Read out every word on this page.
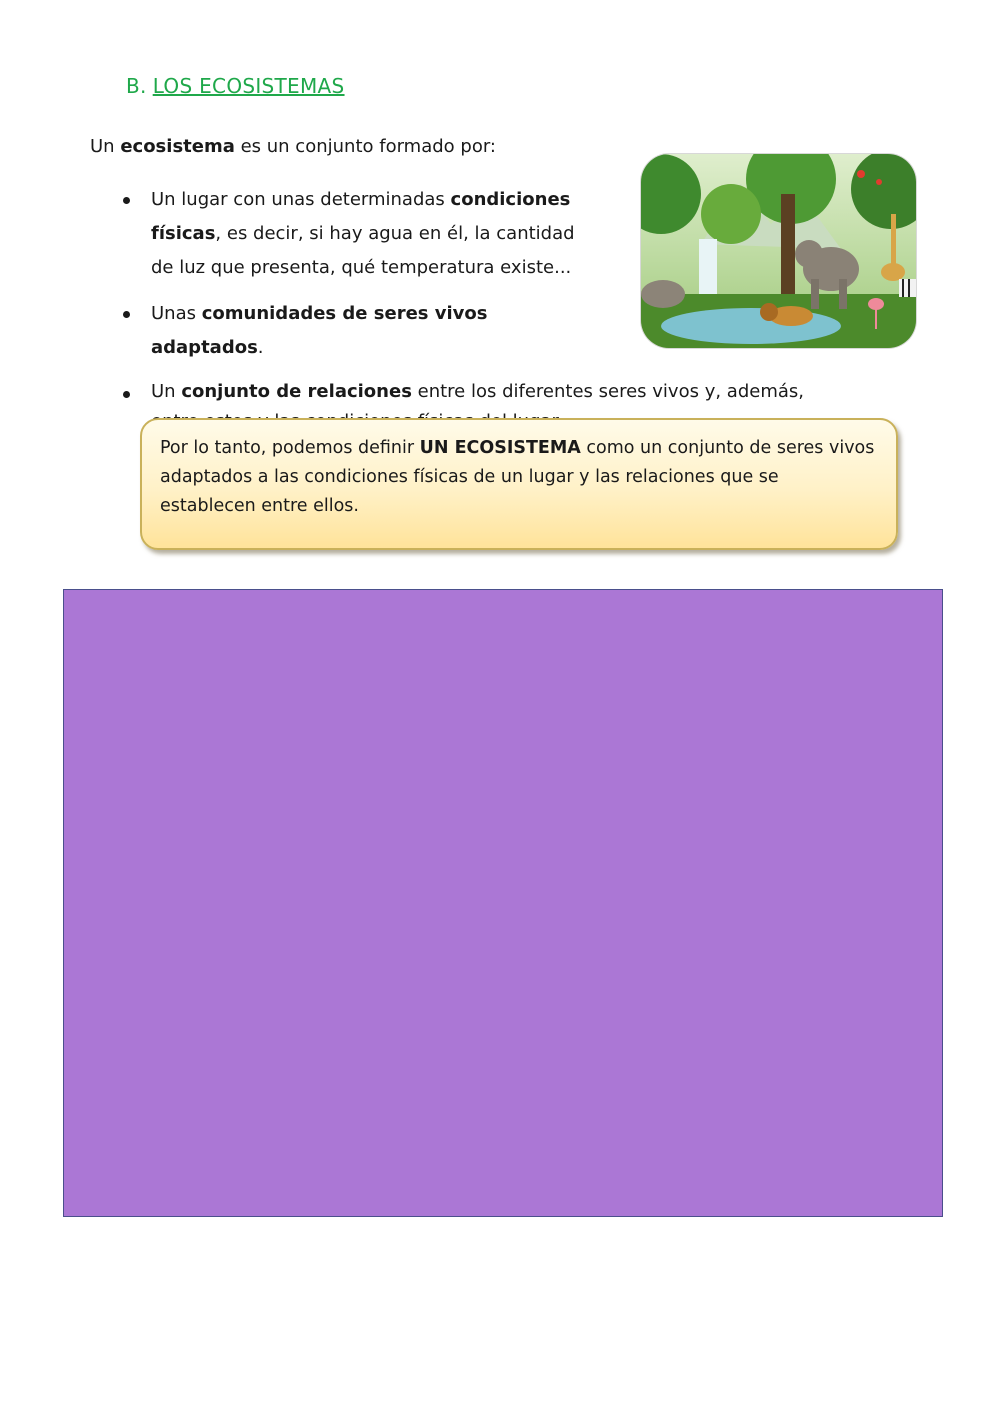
B. LOS ECOSISTEMAS
Un ecosistema es un conjunto formado por:
Un lugar con unas determinadas condiciones físicas, es decir, si hay agua en él, la cantidad de luz que presenta, qué temperatura existe...
Unas comunidades de seres vivos adaptados.
Un conjunto de relaciones entre los diferentes seres vivos y, además,
Por lo tanto, podemos definir UN ECOSISTEMA como un conjunto de seres vivos adaptados a las condiciones físicas de un lugar y las relaciones que se establecen entre ellos.
